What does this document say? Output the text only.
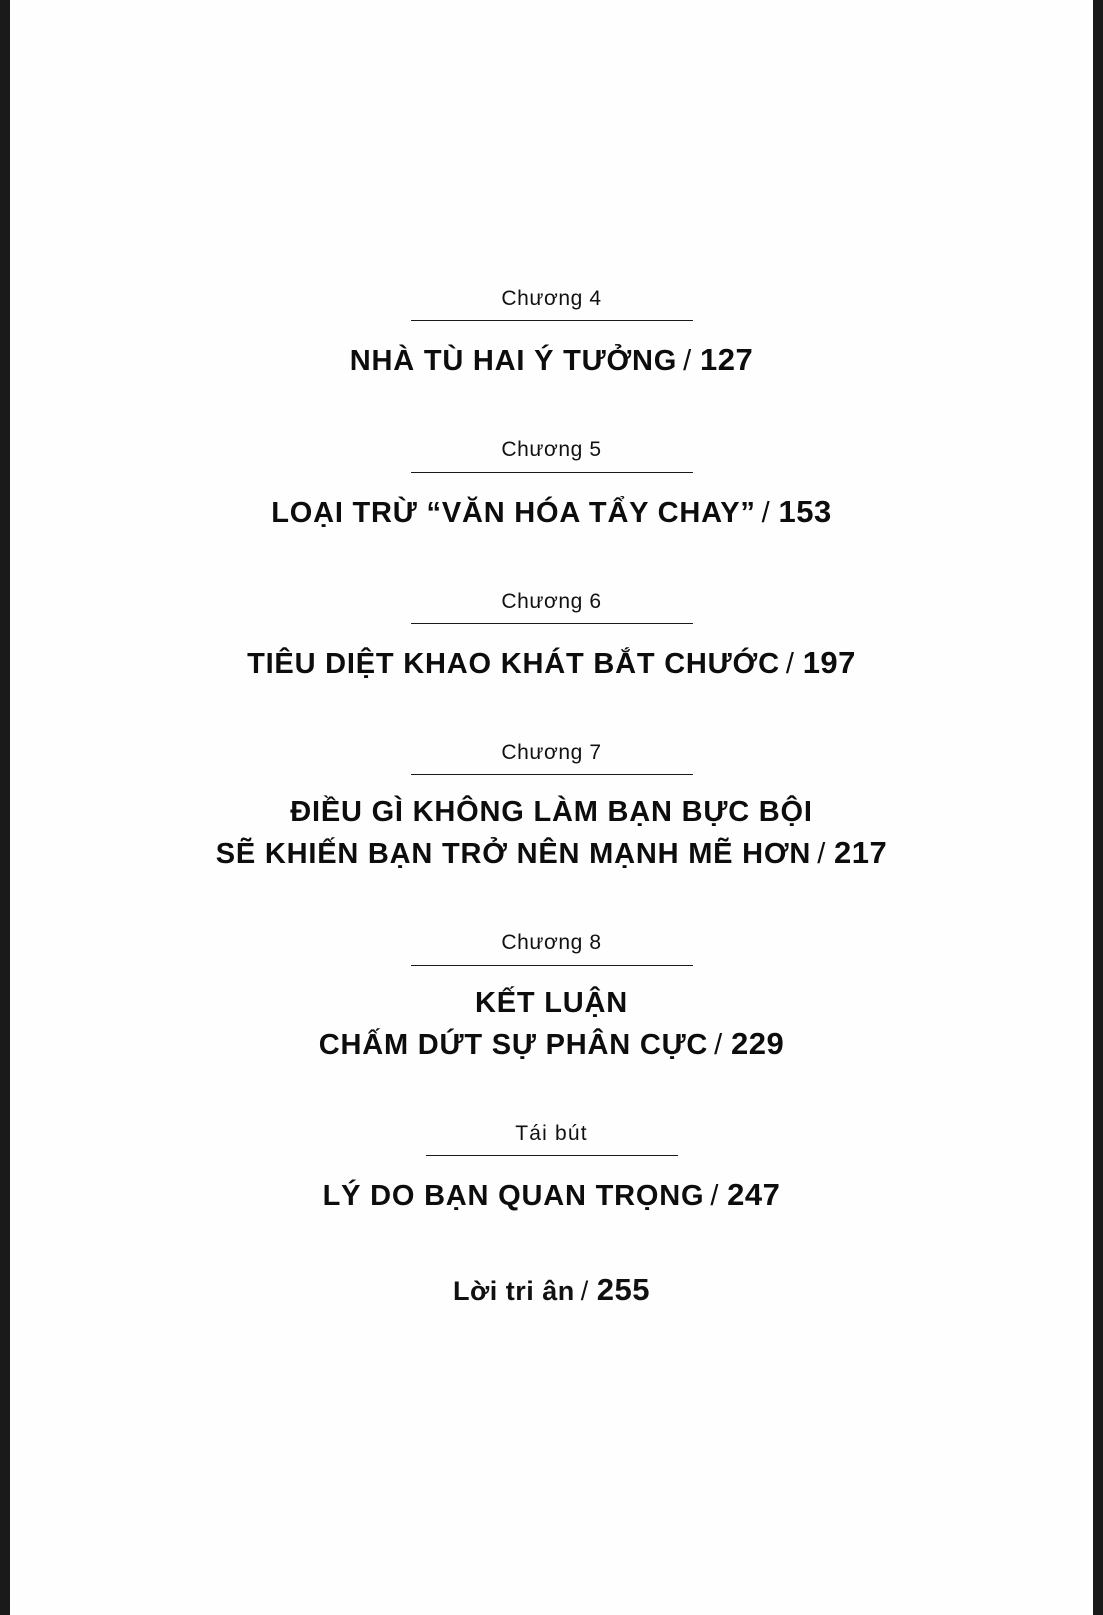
Chương 4
NHÀ TÙ HAI Ý TƯỞNG / 127
Chương 5
LOẠI TRỪ “VĂN HÓA TẨY CHAY” / 153
Chương 6
TIÊU DIỆT KHAO KHÁT BẮT CHƯỚC / 197
Chương 7
ĐIỀU GÌ KHÔNG LÀM BẠN BỰC BỘI
SẼ KHIẾN BẠN TRỞ NÊN MẠNH MẼ HƠN / 217
Chương 8
KẾT LUẬN
CHẤM DỨT SỰ PHÂN CỰC / 229
Tái bút
LÝ DO BẠN QUAN TRỌNG / 247
Lời tri ân / 255
